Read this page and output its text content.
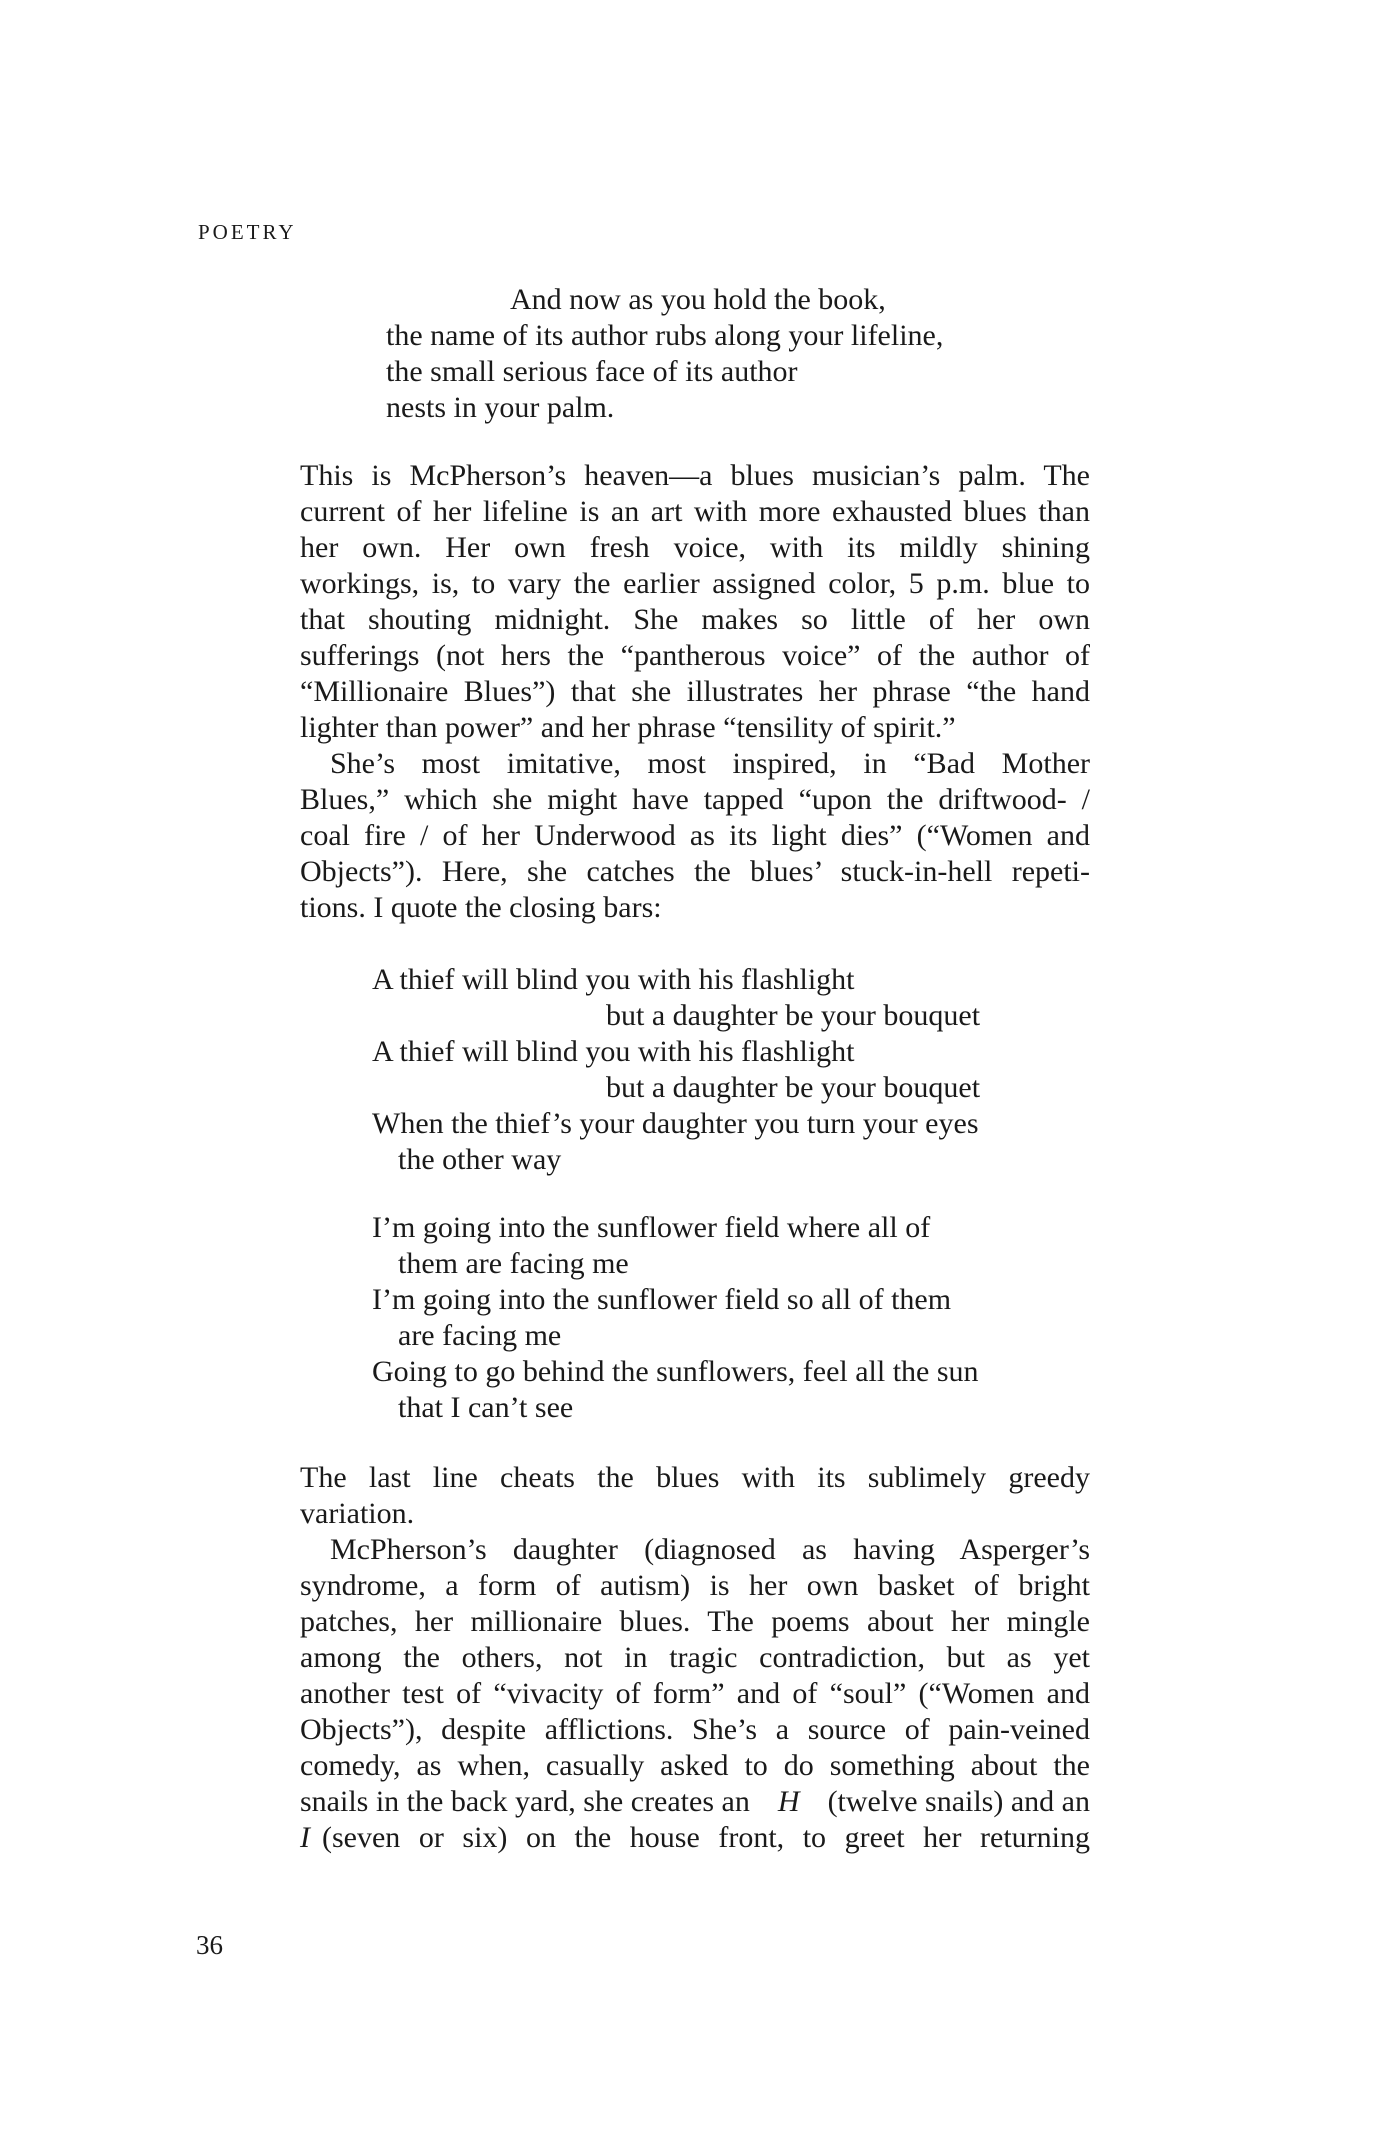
POETRY
And now as you hold the book,
the name of its author rubs along your lifeline,
the small serious face of its author
nests in your palm.
This is McPherson’s heaven—a blues musician’s palm. The
current of her lifeline is an art with more exhausted blues than
her own. Her own fresh voice, with its mildly shining
workings, is, to vary the earlier assigned color, 5 p.m. blue to
that shouting midnight. She makes so little of her own
sufferings (not hers the “pantherous voice” of the author of
“Millionaire Blues”) that she illustrates her phrase “the hand
lighter than power” and her phrase “tensility of spirit.”
She’s most imitative, most inspired, in “Bad Mother
Blues,” which she might have tapped “upon the driftwood- /
coal fire / of her Underwood as its light dies” (“Women and
Objects”). Here, she catches the blues’ stuck-in-hell repeti-
tions. I quote the closing bars:
A thief will blind you with his flashlight
but a daughter be your bouquet
A thief will blind you with his flashlight
but a daughter be your bouquet
When the thief’s your daughter you turn your eyes
the other way
I’m going into the sunflower field where all of
them are facing me
I’m going into the sunflower field so all of them
are facing me
Going to go behind the sunflowers, feel all the sun
that I can’t see
The last line cheats the blues with its sublimely greedy
variation.
McPherson’s daughter (diagnosed as having Asperger’s
syndrome, a form of autism) is her own basket of bright
patches, her millionaire blues. The poems about her mingle
among the others, not in tragic contradiction, but as yet
another test of “vivacity of form” and of “soul” (“Women and
Objects”), despite afflictions. She’s a source of pain-veined
comedy, as when, casually asked to do something about the
snails in the back yard, she creates an H (twelve snails) and an
I (seven or six) on the house front, to greet her returning
36
